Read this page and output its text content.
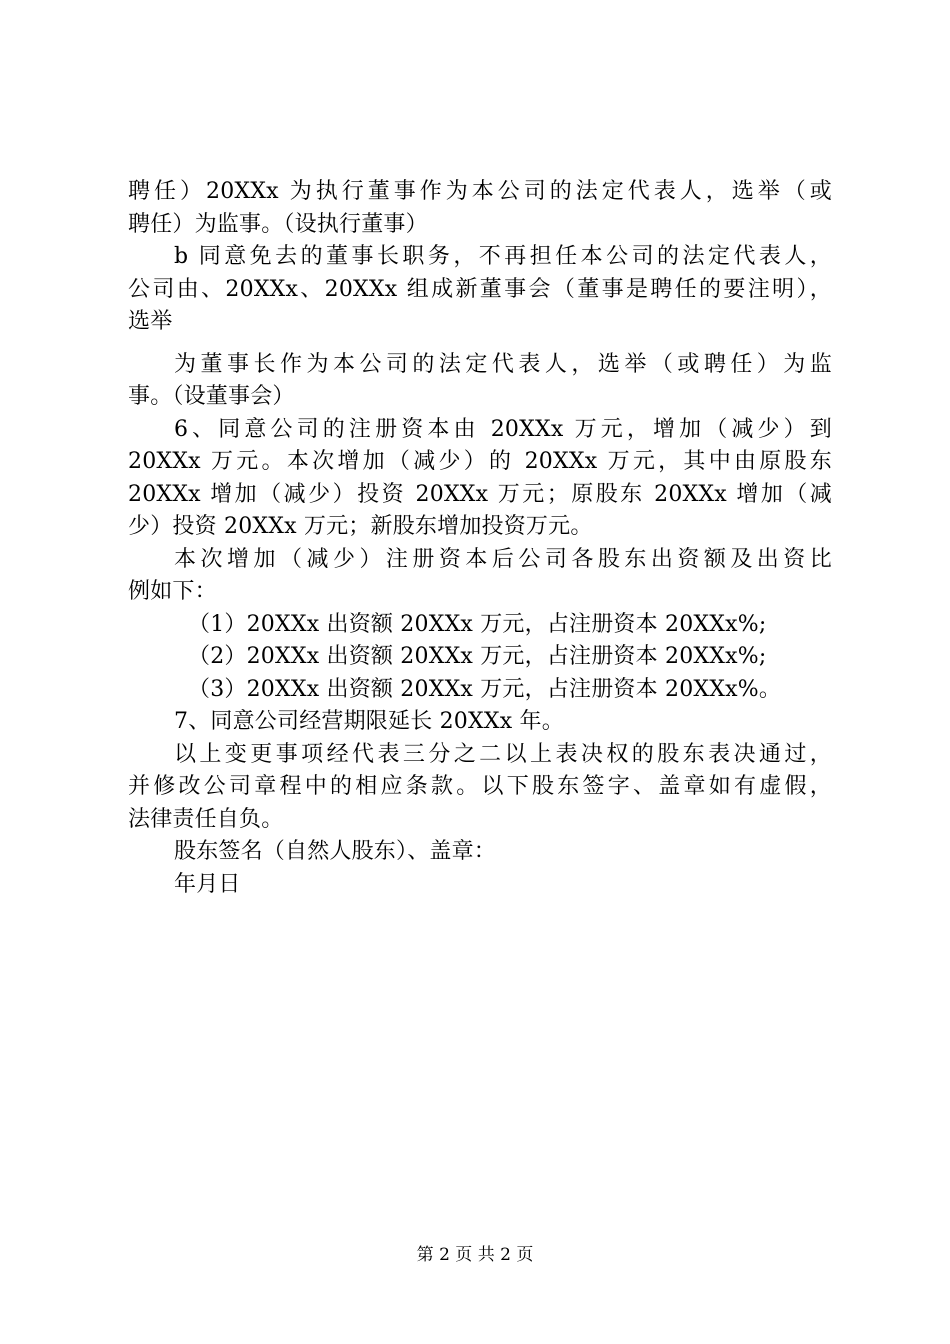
聘任）20XXx 为执行董事作为本公司的法定代表人，选举（或
聘任）为监事。（设执行董事）
b 同意免去的董事长职务，不再担任本公司的法定代表人，
公司由、20XXx、20XXx 组成新董事会（董事是聘任的要注明），
选举
为董事长作为本公司的法定代表人，选举（或聘任）为监
事。（设董事会）
6、同意公司的注册资本由 20XXx 万元，增加（减少）到
20XXx 万元。本次增加（减少）的 20XXx 万元，其中由原股东
20XXx 增加（减少）投资 20XXx 万元；原股东 20XXx 增加（减
少）投资 20XXx 万元；新股东增加投资万元。
本次增加（减少）注册资本后公司各股东出资额及出资比
例如下：
（1）20XXx 出资额 20XXx 万元，占注册资本 20XXx%;
（2）20XXx 出资额 20XXx 万元，占注册资本 20XXx%;
（3）20XXx 出资额 20XXx 万元，占注册资本 20XXx%。
7、同意公司经营期限延长 20XXx 年。
以上变更事项经代表三分之二以上表决权的股东表决通过，
并修改公司章程中的相应条款。以下股东签字、盖章如有虚假，
法律责任自负。
股东签名（自然人股东）、盖章：
年月日
第 2 页 共 2 页
